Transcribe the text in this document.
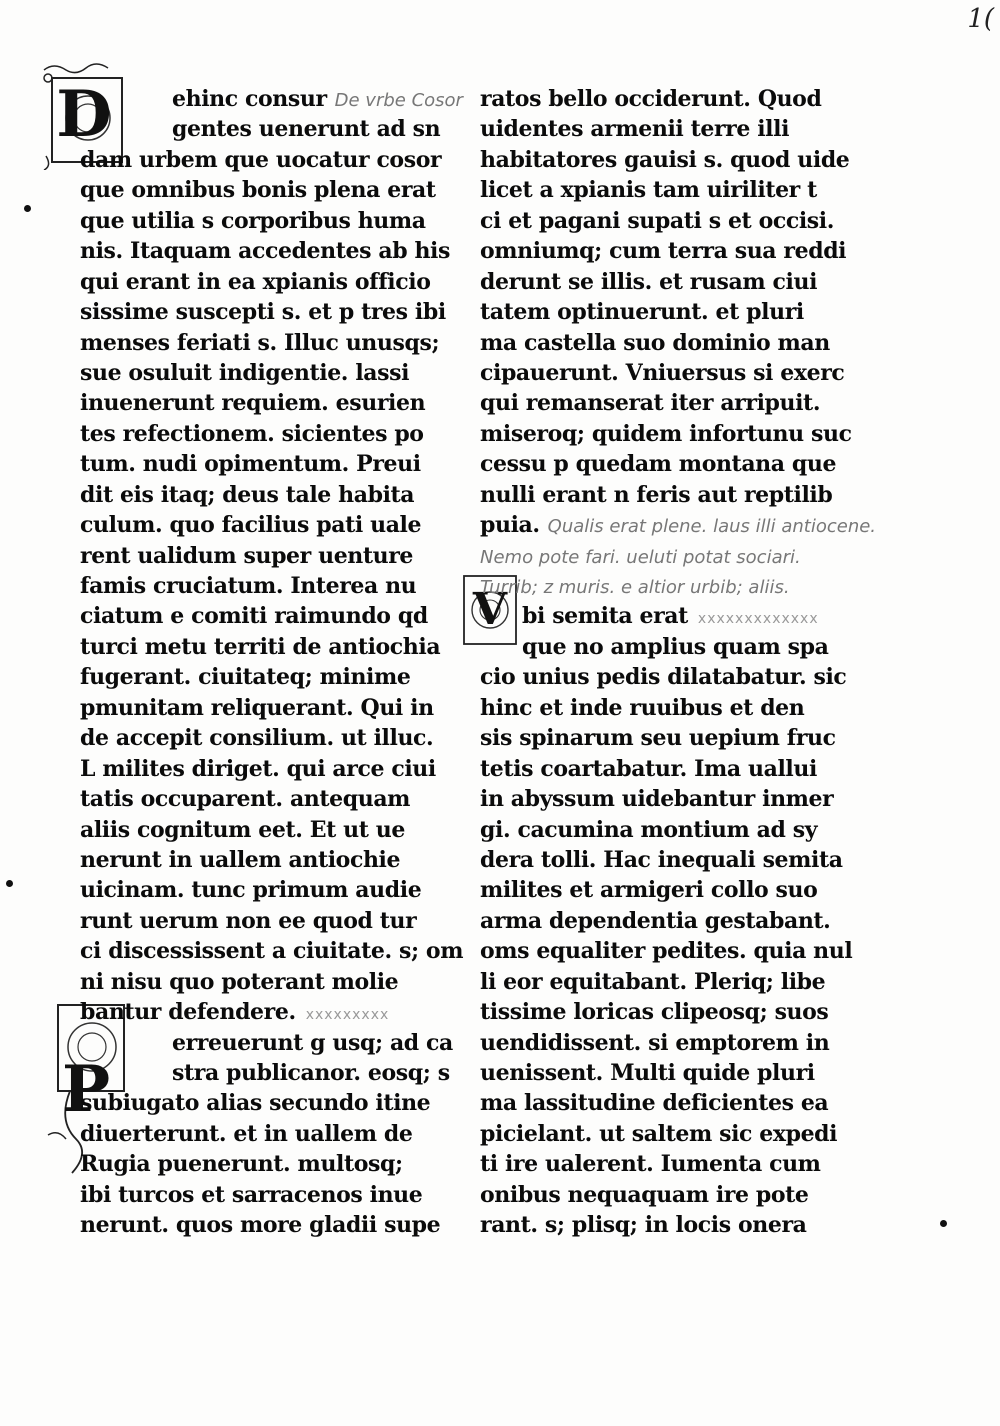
1(
D
P
V
ehinc consur De vrbe Cosor
gentes uenerunt ad sn
dam urbem que uocatur cosor
que omnibus bonis plena erat
que utilia s corporibus huma
nis. Itaquam accedentes ab his
qui erant in ea xpianis officio
sissime suscepti s. et p tres ibi
menses feriati s. Illuc unusqs;
sue osuluit indigentie. lassi
inuenerunt requiem. esurien
tes refectionem. sicientes po
tum. nudi opimentum. Preui
dit eis itaq; deus tale habita
culum. quo facilius pati uale
rent ualidum super uenture
famis cruciatum. Interea nu
ciatum e comiti raimundo qd
turci metu territi de antiochia
fugerant. ciuitateq; minime
pmunitam reliquerant. Qui in
de accepit consilium. ut illuc.
L milites diriget. qui arce ciui
tatis occuparent. antequam
aliis cognitum eet. Et ut ue
nerunt in uallem antiochie
uicinam. tunc primum audie
runt uerum non ee quod tur
ci discessissent a ciuitate. s; om
ni nisu quo poterant molie
bantur defendere. xxxxxxxxx
erreuerunt g usq; ad ca
stra publicanor. eosq; s
subiugato alias secundo itine
diuerterunt. et in uallem de
Rugia puenerunt. multosq;
ibi turcos et sarracenos inue
nerunt. quos more gladii supe
ratos bello occiderunt. Quod
uidentes armenii terre illi
habitatores gauisi s. quod uide
licet a xpianis tam uiriliter t
ci et pagani supati s et occisi.
omniumq; cum terra sua reddi
derunt se illis. et rusam ciui
tatem optinuerunt. et pluri
ma castella suo dominio man
cipauerunt. Vniuersus si exerc
qui remanserat iter arripuit.
miseroq; quidem infortunu suc
cessu p quedam montana que
nulli erant n feris aut reptilib
puia. Qualis erat plene. laus illi antiocene.
Nemo pote fari. ueluti potat sociari.
Turrib; z muris. e altior urbib; aliis.
bi semita erat xxxxxxxxxxxxx
que no amplius quam spa
cio unius pedis dilatabatur. sic
hinc et inde ruuibus et den
sis spinarum seu uepium fruc
tetis coartabatur. Ima uallui
in abyssum uidebantur inmer
gi. cacumina montium ad sy
dera tolli. Hac inequali semita
milites et armigeri collo suo
arma dependentia gestabant.
oms equaliter pedites. quia nul
li eor equitabant. Pleriq; libe
tissime loricas clipeosq; suos
uendidissent. si emptorem in
uenissent. Multi quide pluri
ma lassitudine deficientes ea
picielant. ut saltem sic expedi
ti ire ualerent. Iumenta cum
onibus nequaquam ire pote
rant. s; plisq; in locis onera
